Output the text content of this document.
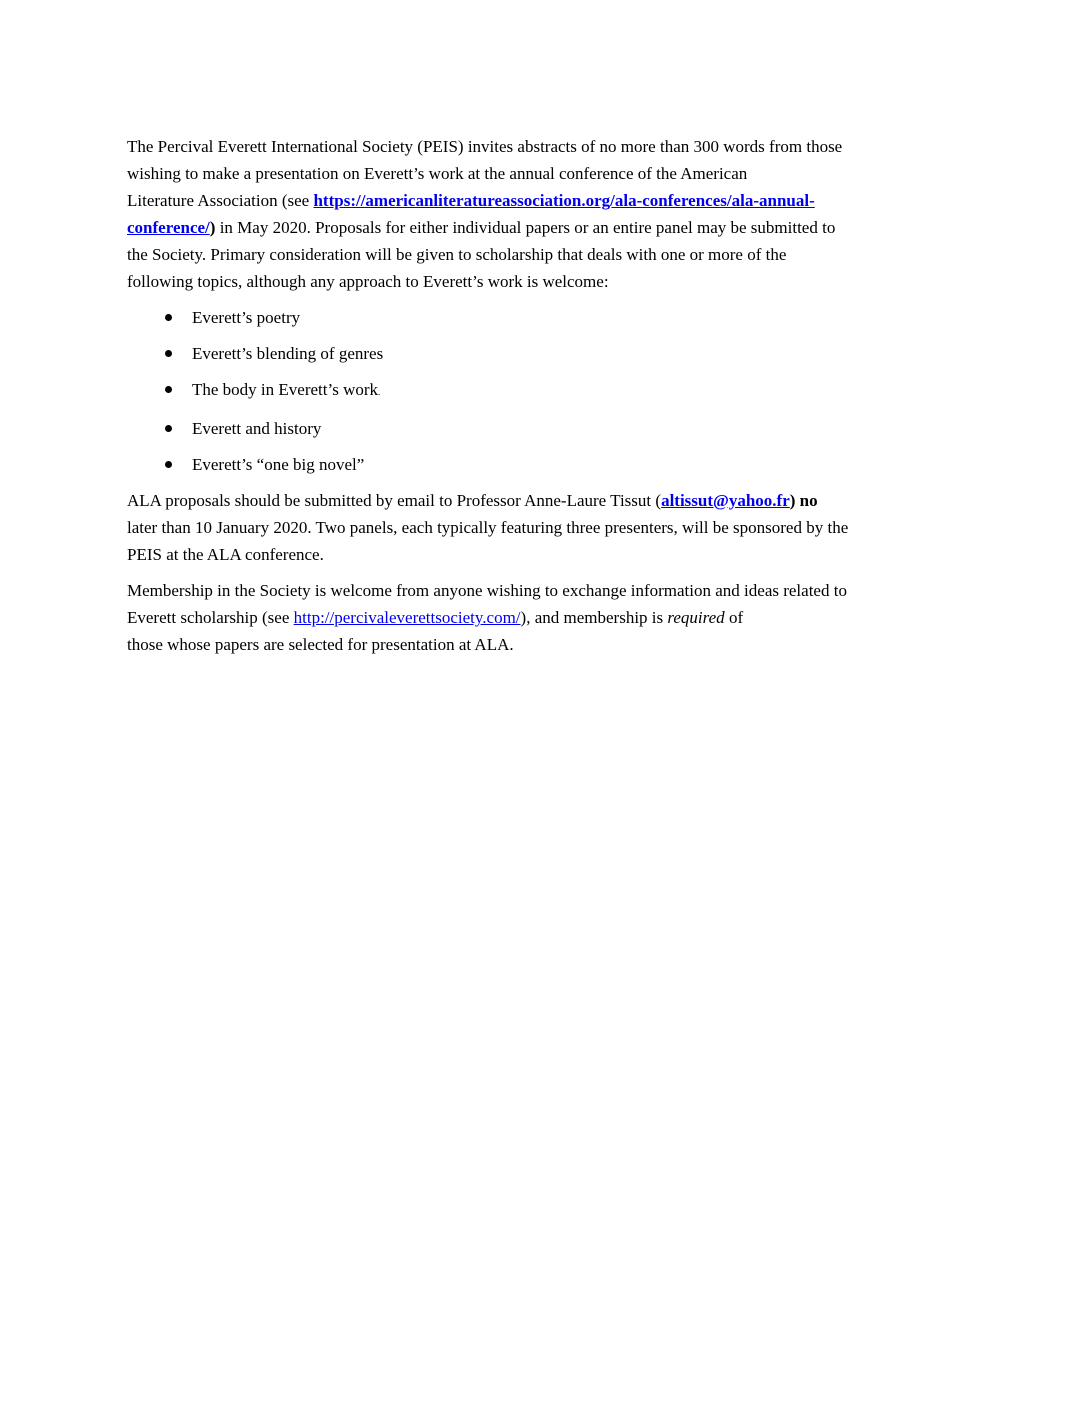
The Percival Everett International Society (PEIS) invites abstracts of no more than 300 words from those
wishing to make a presentation on Everett’s work at the annual conference of the American
Literature Association (see https://americanliteratureassociation.org/ala-conferences/ala-annual-
conference/) in May 2020. Proposals for either individual papers or an entire panel may be submitted to
the Society. Primary consideration will be given to scholarship that deals with one or more of the
following topics, although any approach to Everett’s work is welcome:

Everett’s poetry
Everett’s blending of genres
The body in Everett’s work.
Everett and history
Everett’s “one big novel”

ALA proposals should be submitted by email to Professor Anne-Laure Tissut (altissut@yahoo.fr) no
later than 10 January 2020. Two panels, each typically featuring three presenters, will be sponsored by the
PEIS at the ALA conference.

Membership in the Society is welcome from anyone wishing to exchange information and ideas related to
Everett scholarship (see http://percivaleverettsociety.com/), and membership is required of
those whose papers are selected for presentation at ALA.
